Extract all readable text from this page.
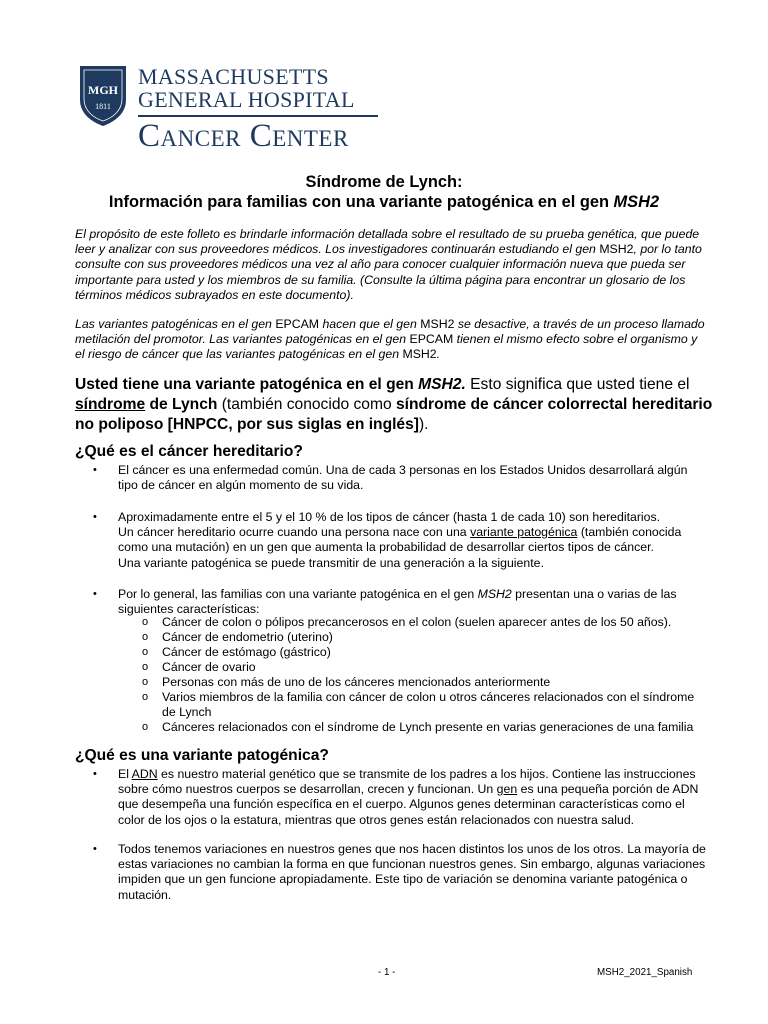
MGH
1811
MASSACHUSETTS
GENERAL HOSPITAL
Cancer Center
Síndrome de Lynch:
Información para familias con una variante patogénica en el gen MSH2

El propósito de este folleto es brindarle información detallada sobre el resultado de su prueba genética, que puede leer y analizar con sus proveedores médicos. Los investigadores continuarán estudiando el gen MSH2, por lo tanto consulte con sus proveedores médicos una vez al año para conocer cualquier información nueva que pueda ser importante para usted y los miembros de su familia. (Consulte la última página para encontrar un glosario de los términos médicos subrayados en este documento).

Las variantes patogénicas en el gen EPCAM hacen que el gen MSH2 se desactive, a través de un proceso llamado metilación del promotor. Las variantes patogénicas en el gen EPCAM tienen el mismo efecto sobre el organismo y el riesgo de cáncer que las variantes patogénicas en el gen MSH2.

Usted tiene una variante patogénica en el gen MSH2. Esto significa que usted tiene el síndrome de Lynch (también conocido como síndrome de cáncer colorrectal hereditario no poliposo [HNPCC, por sus siglas en inglés]).

¿Qué es el cáncer hereditario?

• El cáncer es una enfermedad común. Una de cada 3 personas en los Estados Unidos desarrollará algún tipo de cáncer en algún momento de su vida.

• Aproximadamente entre el 5 y el 10 % de los tipos de cáncer (hasta 1 de cada 10) son hereditarios.
Un cáncer hereditario ocurre cuando una persona nace con una variante patogénica (también conocida como una mutación) en un gen que aumenta la probabilidad de desarrollar ciertos tipos de cáncer.
Una variante patogénica se puede transmitir de una generación a la siguiente.

• Por lo general, las familias con una variante patogénica en el gen MSH2 presentan una o varias de las siguientes características:

o Cáncer de colon o pólipos precancerosos en el colon (suelen aparecer antes de los 50 años).

o Cáncer de endometrio (uterino)

o Cáncer de estómago (gástrico)

o Cáncer de ovario

o Personas con más de uno de los cánceres mencionados anteriormente

o Varios miembros de la familia con cáncer de colon u otros cánceres relacionados con el síndrome de Lynch

o Cánceres relacionados con el síndrome de Lynch presente en varias generaciones de una familia

¿Qué es una variante patogénica?

• El ADN es nuestro material genético que se transmite de los padres a los hijos. Contiene las instrucciones sobre cómo nuestros cuerpos se desarrollan, crecen y funcionan. Un gen es una pequeña porción de ADN que desempeña una función específica en el cuerpo. Algunos genes determinan características como el color de los ojos o la estatura, mientras que otros genes están relacionados con nuestra salud.

• Todos tenemos variaciones en nuestros genes que nos hacen distintos los unos de los otros. La mayoría de estas variaciones no cambian la forma en que funcionan nuestros genes. Sin embargo, algunas variaciones impiden que un gen funcione apropiadamente. Este tipo de variación se denomina variante patogénica o mutación.

- 1 -	MSH2_2021_Spanish
